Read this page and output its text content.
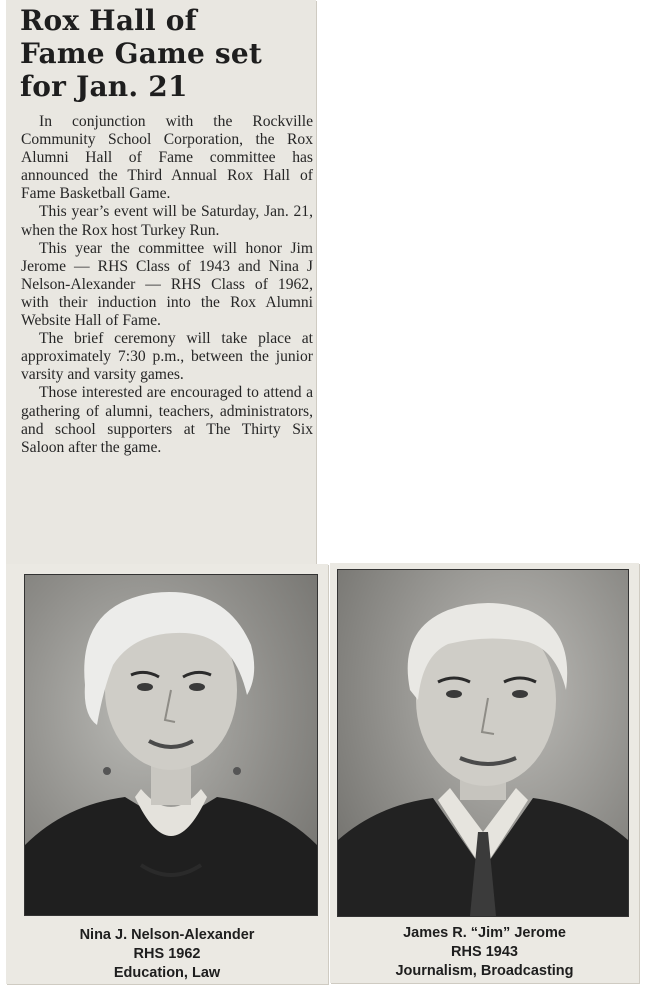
Rox Hall of
Fame Game set
for Jan. 21

In conjunction with the Rockville Community School Corporation, the Rox Alumni Hall of Fame committee has announced the Third Annual Rox Hall of Fame Basketball Game.

This year’s event will be Saturday, Jan. 21, when the Rox host Turkey Run.

This year the committee will honor Jim Jerome — RHS Class of 1943 and Nina J Nelson-Alexander — RHS Class of 1962, with their induction into the Rox Alumni Website Hall of Fame.

The brief ceremony will take place at approximately 7:30 p.m., between the junior varsity and varsity games.

Those interested are encouraged to attend a gathering of alumni, teachers, administrators, and school supporters at The Thirty Six Saloon after the game.

Nina J. Nelson-Alexander
RHS 1962
Education, Law
James R. “Jim” Jerome
RHS 1943
Journalism, Broadcasting
